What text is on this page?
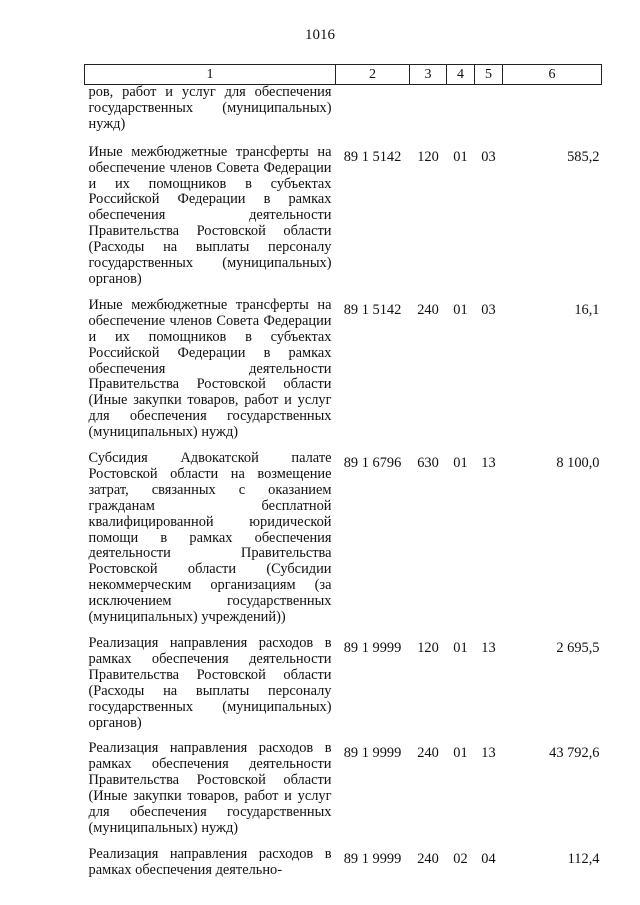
1016
1	2	3	4	5	6
ров, работ и услуг для обеспечения государственных (муниципальных) нужд)					
Иные межбюджетные трансферты на обеспечение членов Совета Федерации и их помощников в субъектах Российской Федерации в рамках обеспечения деятельности Правительства Ростовской области (Расходы на выплаты персоналу государственных (муниципальных) органов)	89 1 5142	120	01	03	585,2
Иные межбюджетные трансферты на обеспечение членов Совета Федерации и их помощников в субъектах Российской Федерации в рамках обеспечения деятельности Правительства Ростовской области (Иные закупки товаров, работ и услуг для обеспечения государственных (муниципальных) нужд)	89 1 5142	240	01	03	16,1
Субсидия Адвокатской палате Ростовской области на возмещение затрат, связанных с оказанием гражданам бесплатной квалифицированной юридической помощи в рамках обеспечения деятельности Правительства Ростовской области (Субсидии некоммерческим организациям (за исключением государственных (муниципальных) учреждений))	89 1 6796	630	01	13	8 100,0
Реализация направления расходов в рамках обеспечения деятельности Правительства Ростовской области (Расходы на выплаты персоналу государственных (муниципальных) органов)	89 1 9999	120	01	13	2 695,5
Реализация направления расходов в рамках обеспечения деятельности Правительства Ростовской области (Иные закупки товаров, работ и услуг для обеспечения государственных (муниципальных) нужд)	89 1 9999	240	01	13	43 792,6
Реализация направления расходов в рамках обеспечения деятельно-	89 1 9999	240	02	04	112,4
